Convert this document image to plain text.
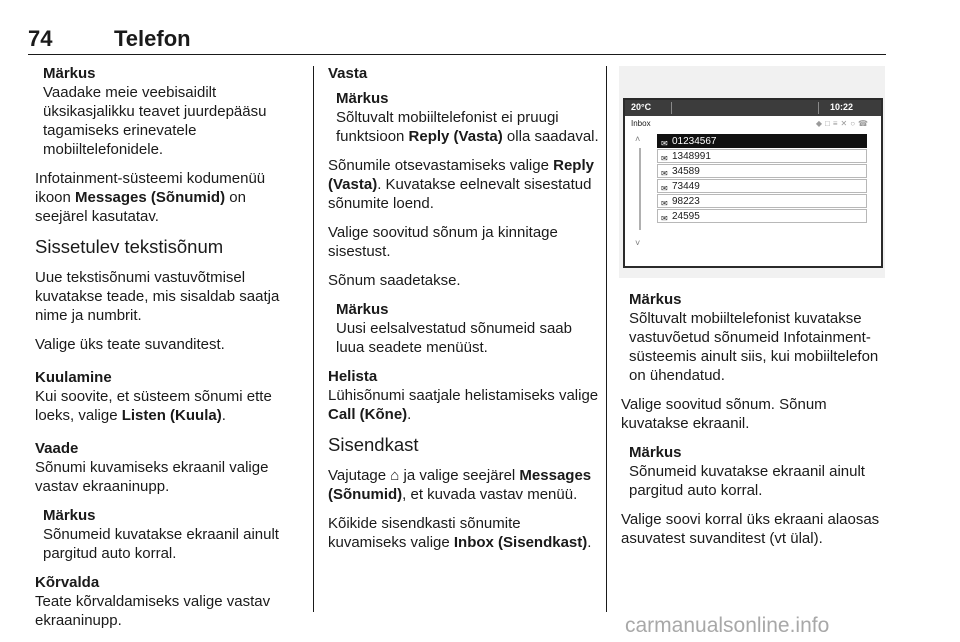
74	Telefon
Märkus
Vaadake meie veebisaidilt üksikasjalikku teavet juurdepääsu tagamiseks erinevatele mobiiltelefonidele.

Infotainment-süsteemi kodumenüü ikoon Messages (Sõnumid) on seejärel kasutatav.

Sissetulev tekstisõnum

Uue tekstisõnumi vastuvõtmisel kuvatakse teade, mis sisaldab saatja nime ja numbrit.

Valige üks teate suvanditest.

Kuulamine
Kui soovite, et süsteem sõnumi ette loeks, valige Listen (Kuula).

Vaade
Sõnumi kuvamiseks ekraanil valige vastav ekraaninupp.

Märkus
Sõnumeid kuvatakse ekraanil ainult pargitud auto korral.

Kõrvalda
Teate kõrvaldamiseks valige vastav ekraaninupp.

Vasta
Märkus
Sõltuvalt mobiiltelefonist ei pruugi funktsioon Reply (Vasta) olla saadaval.

Sõnumile otsevastamiseks valige Reply (Vasta). Kuvatakse eelnevalt sisestatud sõnumite loend.

Valige soovitud sõnum ja kinnitage sisestust.

Sõnum saadetakse.

Märkus
Uusi eelsalvestatud sõnumeid saab luua seadete menüüst.

Helista
Lühisõnumi saatjale helistamiseks valige Call (Kõne).

Sisendkast

Vajutage ⌂ ja valige seejärel Messages (Sõnumid), et kuvada vastav menüü.

Kõikide sisendkasti sõnumite kuvamiseks valige Inbox (Sisendkast).

20°C	10:22
Inbox	◆□≡✕○☎
˄
˅
✉ 01234567
✉ 1348991
✉ 34589
✉ 73449
✉ 98223
✉ 24595
Märkus
Sõltuvalt mobiiltelefonist kuvatakse vastuvõetud sõnumeid Infotainment-süsteemis ainult siis, kui mobiiltelefon on ühendatud.

Valige soovitud sõnum. Sõnum kuvatakse ekraanil.

Märkus
Sõnumeid kuvatakse ekraanil ainult pargitud auto korral.

Valige soovi korral üks ekraani alaosas asuvatest suvanditest (vt ülal).

carmanualsonline.info
